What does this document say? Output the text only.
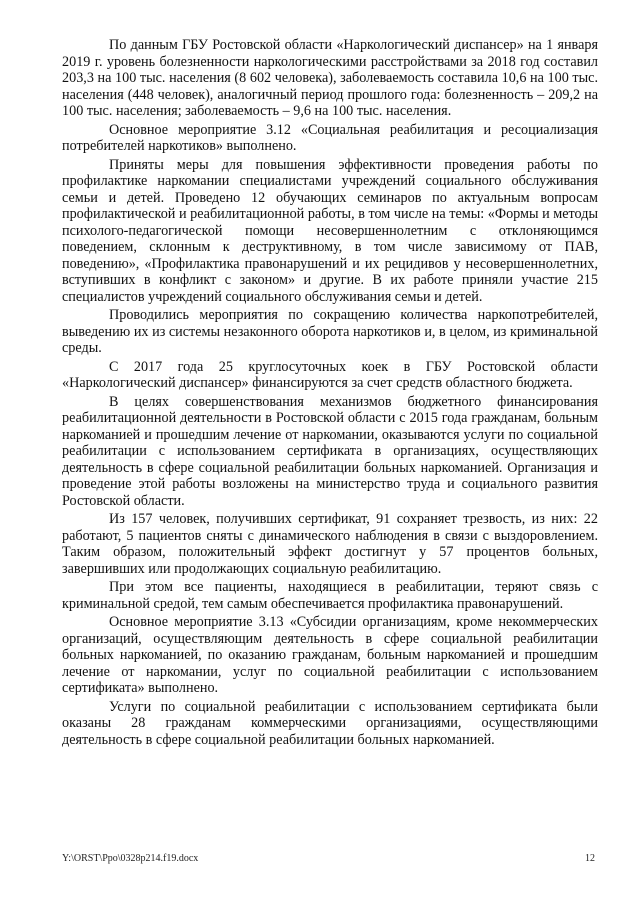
По данным ГБУ Ростовской области «Наркологический диспансер» на 1 января 2019 г. уровень болезненности наркологическими расстройствами за 2018 год составил 203,3 на 100 тыс. населения (8 602 человека), заболеваемость составила 10,6 на 100 тыс. населения (448 человек), аналогичный период прошлого года: болезненность – 209,2 на 100 тыс. населения; заболеваемость – 9,6 на 100 тыс. населения.

Основное мероприятие 3.12 «Социальная реабилитация и ресоциализация потребителей наркотиков» выполнено.

Приняты меры для повышения эффективности проведения работы по профилактике наркомании специалистами учреждений социального обслуживания семьи и детей. Проведено 12 обучающих семинаров по актуальным вопросам профилактической и реабилитационной работы, в том числе на темы: «Формы и методы психолого-педагогической помощи несовершеннолетним с отклоняющимся поведением, склонным к деструктивному, в том числе зависимому от ПАВ, поведению», «Профилактика правонарушений и их рецидивов у несовершеннолетних, вступивших в конфликт с законом» и другие. В их работе приняли участие 215 специалистов учреждений социального обслуживания семьи и детей.

Проводились мероприятия по сокращению количества наркопотребителей, выведению их из системы незаконного оборота наркотиков и, в целом, из криминальной среды.

С 2017 года 25 круглосуточных коек в ГБУ Ростовской области «Наркологический диспансер» финансируются за счет средств областного бюджета.

В целях совершенствования механизмов бюджетного финансирования реабилитационной деятельности в Ростовской области с 2015 года гражданам, больным наркоманией и прошедшим лечение от наркомании, оказываются услуги по социальной реабилитации с использованием сертификата в организациях, осуществляющих деятельность в сфере социальной реабилитации больных наркоманией. Организация и проведение этой работы возложены на министерство труда и социального развития Ростовской области.

Из 157 человек, получивших сертификат, 91 сохраняет трезвость, из них: 22 работают, 5 пациентов сняты с динамического наблюдения в связи с выздоровлением. Таким образом, положительный эффект достигнут у 57 процентов больных, завершивших или продолжающих социальную реабилитацию.

При этом все пациенты, находящиеся в реабилитации, теряют связь с криминальной средой, тем самым обеспечивается профилактика правонарушений.

Основное мероприятие 3.13 «Субсидии организациям, кроме некоммерческих организаций, осуществляющим деятельность в сфере социальной реабилитации больных наркоманией, по оказанию гражданам, больным наркоманией и прошедшим лечение от наркомании, услуг по социальной реабилитации с использованием сертификата» выполнено.

Услуги по социальной реабилитации с использованием сертификата были оказаны 28 гражданам коммерческими организациями, осуществляющими деятельность в сфере социальной реабилитации больных наркоманией.

Y:\ORST\Ppo\0328p214.f19.docx	12
